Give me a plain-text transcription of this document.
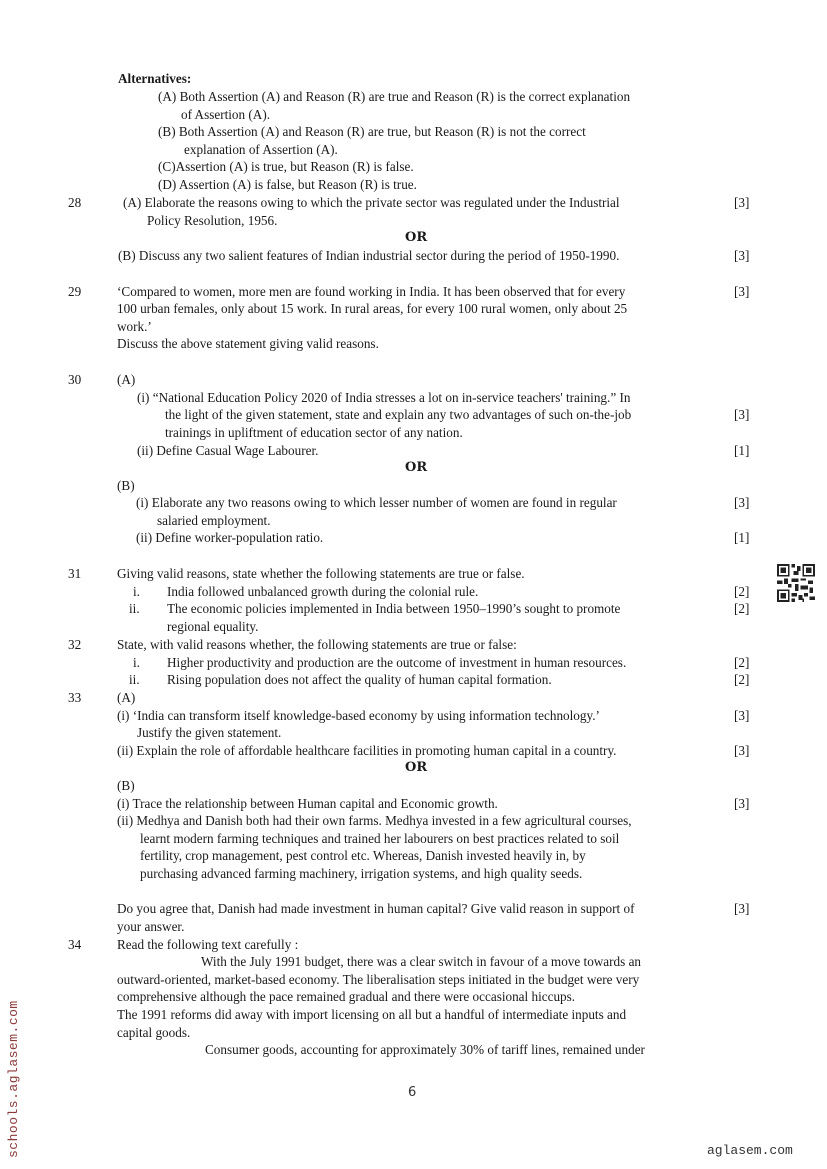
Alternatives:
(A) Both Assertion (A) and Reason (R) are true and Reason (R) is the correct explanation
of Assertion (A).
(B) Both Assertion (A) and Reason (R) are true, but Reason (R) is not the correct
explanation of Assertion (A).
(C)Assertion (A) is true, but Reason (R) is false.
(D) Assertion (A) is false, but Reason (R) is true.
28	(A) Elaborate the reasons owing to which the private sector was regulated under the Industrial	[3]
Policy Resolution, 1956.
OR
(B) Discuss any two salient features of Indian industrial sector during the period of 1950-1990.	[3]
29	‘Compared to women, more men are found working in India. It has been observed that for every	[3]
100 urban females, only about 15 work. In rural areas, for every 100 rural women, only about 25
work.’
Discuss the above statement giving valid reasons.
30	(A)
(i) “National Education Policy 2020 of India stresses a lot on in-service teachers' training.” In
the light of the given statement, state and explain any two advantages of such on-the-job	[3]
trainings in upliftment of education sector of any nation.
(ii) Define Casual Wage Labourer.	[1]
OR
(B)
(i) Elaborate any two reasons owing to which lesser number of women are found in regular	[3]
salaried employment.
(ii) Define worker-population ratio.	[1]
31	Giving valid reasons, state whether the following statements are true or false.
i. India followed unbalanced growth during the colonial rule.	[2]
ii. The economic policies implemented in India between 1950–1990’s sought to promote	[2]
regional equality.
32	State, with valid reasons whether, the following statements are true or false:
i. Higher productivity and production are the outcome of investment in human resources.	[2]
ii. Rising population does not affect the quality of human capital formation.	[2]
33	(A)
(i) ‘India can transform itself knowledge-based economy by using information technology.’	[3]
Justify the given statement.
(ii) Explain the role of affordable healthcare facilities in promoting human capital in a country.	[3]
OR
(B)
(i) Trace the relationship between Human capital and Economic growth.	[3]
(ii) Medhya and Danish both had their own farms. Medhya invested in a few agricultural courses,
learnt modern farming techniques and trained her labourers on best practices related to soil
fertility, crop management, pest control etc. Whereas, Danish invested heavily in, by
purchasing advanced farming machinery, irrigation systems, and high quality seeds.
Do you agree that, Danish had made investment in human capital? Give valid reason in support of	[3]
your answer.
34	Read the following text carefully :
With the July 1991 budget, there was a clear switch in favour of a move towards an
outward-oriented, market-based economy. The liberalisation steps initiated in the budget were very
comprehensive although the pace remained gradual and there were occasional hiccups.
The 1991 reforms did away with import licensing on all but a handful of intermediate inputs and
capital goods.
Consumer goods, accounting for approximately 30% of tariff lines, remained under
6
schools.aglasem.com	aglasem.com
